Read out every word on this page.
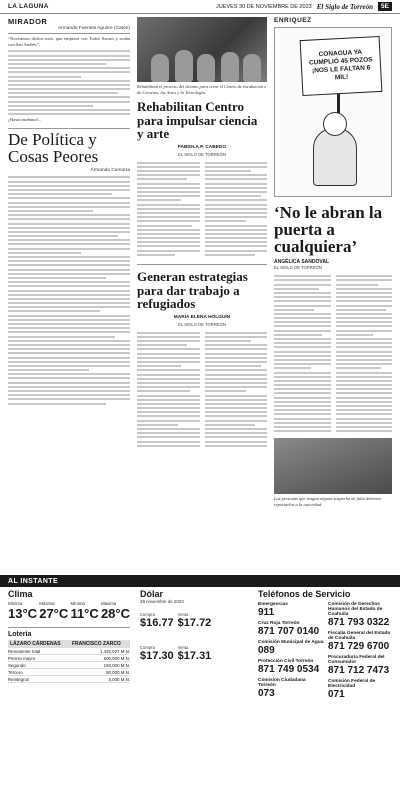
LA LAGUNA	JUEVES 30 DE NOVIEMBRE DE 2023 El Siglo de Torreón	5E
MIRADOR
Armando Fuentes Aguirre (Catón)

“Novísimos dichos mex, que empieza con Todos Santos y acaba con San Andrés”.

¡Hasta mañana!...

De Política y Cosas Peores
Armando Camorra

Rehabilitan el proceso del decano para crear el Centro de Incubación e de Ciencias, las Artes y la Tecnología.

Rehabilitan Centro para impulsar ciencia y arte
FABIOLA P. CABEDO
EL SIGLO DE TORREÓN
Generan estrategias para dar trabajo a refugiados
MARÍA ELENA HOLGUÍN
EL SIGLO DE TORREÓN
ENRIQUEZ
CONAGUA YA CUMPLIÓ 45 POZOS ¡NOS LE FALTAN 6 MIL!
‘No le abran la puerta a cualquiera’
ANGÉLICA SANDOVAL
EL SIGLO DE TORREÓN

Las personas que tengan alguna sospecha de falta deberán reportarlas a la autoridad.

AL INSTANTE
Clima
Mínima
13°C
Máxima
27°C
Mínima
11°C
Máxima
28°C
Lotería
LÁZARO CÁRDENAS	FRANCISCO ZARCO
Remanente total	1,432,027 M.N.
Premio mayor	500,000 M.N.
Segundo	150,000 M.N.
Tercero	50,000 M.N.
Reintegros	5,000 M.N.
Dólar
29 noviembre de 2023
Compra
$16.77
Venta
$17.72
Compra
$17.30
Venta
$17.31
Teléfonos de Servicio
Emergencias
911
Cruz Roja Torreón
871 707 0140
Comisión Municipal de Agua
089
Protección Civil Torreón
871 749 0534
Comisión Ciudadana Torreón
073
Comisión de Derechos Humanos del Estado de Coahuila
871 793 0322
Fiscalía General del Estado de Coahuila
871 729 6700
Procuraduría Federal del Consumidor
871 712 7473
Comisión Federal de Electricidad
071
